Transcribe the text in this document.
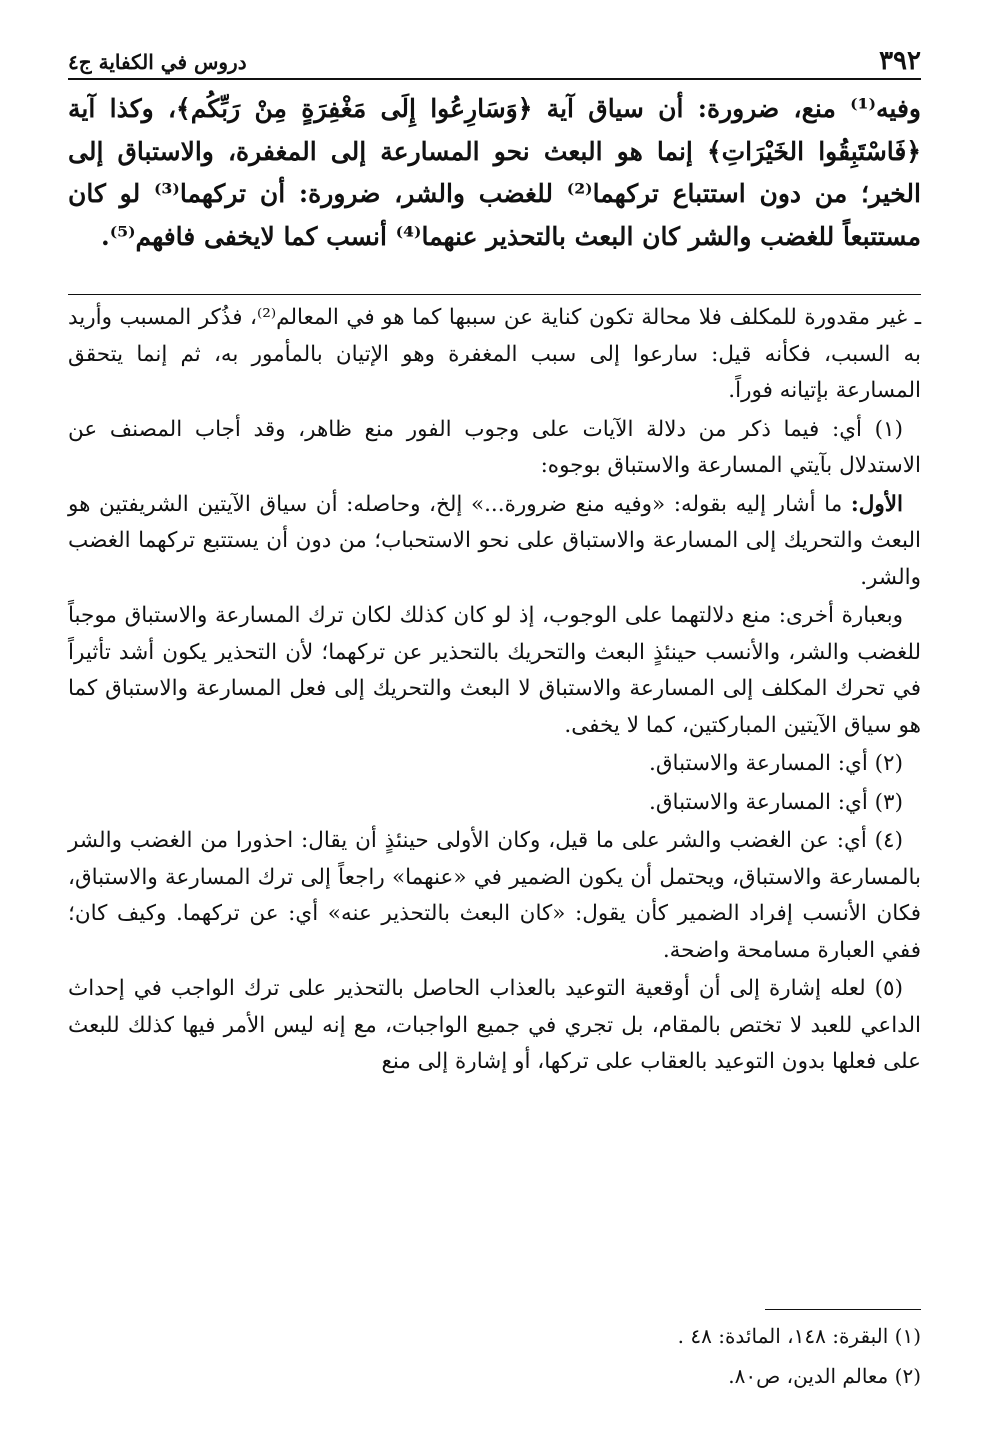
٣٩٢
دروس في الكفاية ج٤
وفيه⁽¹⁾ منع، ضرورة: أن سياق آية ﴿وَسَارِعُوا إِلَى مَغْفِرَةٍ مِنْ رَبِّكُم﴾، وكذا آية ﴿فَاسْتَبِقُوا الخَيْرَاتِ﴾ إنما هو البعث نحو المسارعة إلى المغفرة، والاستباق إلى الخير؛ من دون استتباع تركهما⁽²⁾ للغضب والشر، ضرورة: أن تركهما⁽³⁾ لو كان مستتبعاً للغضب والشر كان البعث بالتحذير عنهما⁽⁴⁾ أنسب كما لايخفى فافهم⁽⁵⁾.

ـ غير مقدورة للمكلف فلا محالة تكون كناية عن سببها كما هو في المعالم⁽²⁾، فذُكر المسبب وأريد به السبب، فكأنه قيل: سارعوا إلى سبب المغفرة وهو الإتيان بالمأمور به، ثم إنما يتحقق المسارعة بإتيانه فوراً.

(١) أي: فيما ذكر من دلالة الآيات على وجوب الفور منع ظاهر، وقد أجاب المصنف عن الاستدلال بآيتي المسارعة والاستباق بوجوه:

الأول: ما أشار إليه بقوله: «وفيه منع ضرورة...» إلخ، وحاصله: أن سياق الآيتين الشريفتين هو البعث والتحريك إلى المسارعة والاستباق على نحو الاستحباب؛ من دون أن يستتبع تركهما الغضب والشر.

وبعبارة أخرى: منع دلالتهما على الوجوب، إذ لو كان كذلك لكان ترك المسارعة والاستباق موجباً للغضب والشر، والأنسب حينئذٍ البعث والتحريك بالتحذير عن تركهما؛ لأن التحذير يكون أشد تأثيراً في تحرك المكلف إلى المسارعة والاستباق لا البعث والتحريك إلى فعل المسارعة والاستباق كما هو سياق الآيتين المباركتين، كما لا يخفى.

(٢) أي: المسارعة والاستباق.

(٣) أي: المسارعة والاستباق.

(٤) أي: عن الغضب والشر على ما قيل، وكان الأولى حينئذٍ أن يقال: احذورا من الغضب والشر بالمسارعة والاستباق، ويحتمل أن يكون الضمير في «عنهما» راجعاً إلى ترك المسارعة والاستباق، فكان الأنسب إفراد الضمير كأن يقول: «كان البعث بالتحذير عنه» أي: عن تركهما. وكيف كان؛ ففي العبارة مسامحة واضحة.

(٥) لعله إشارة إلى أن أوقعية التوعيد بالعذاب الحاصل بالتحذير على ترك الواجب في إحداث الداعي للعبد لا تختص بالمقام، بل تجري في جميع الواجبات، مع إنه ليس الأمر فيها كذلك للبعث على فعلها بدون التوعيد بالعقاب على تركها، أو إشارة إلى منع

(١) البقرة: ١٤٨، المائدة: ٤٨ .

(٢) معالم الدين، ص٨٠.
